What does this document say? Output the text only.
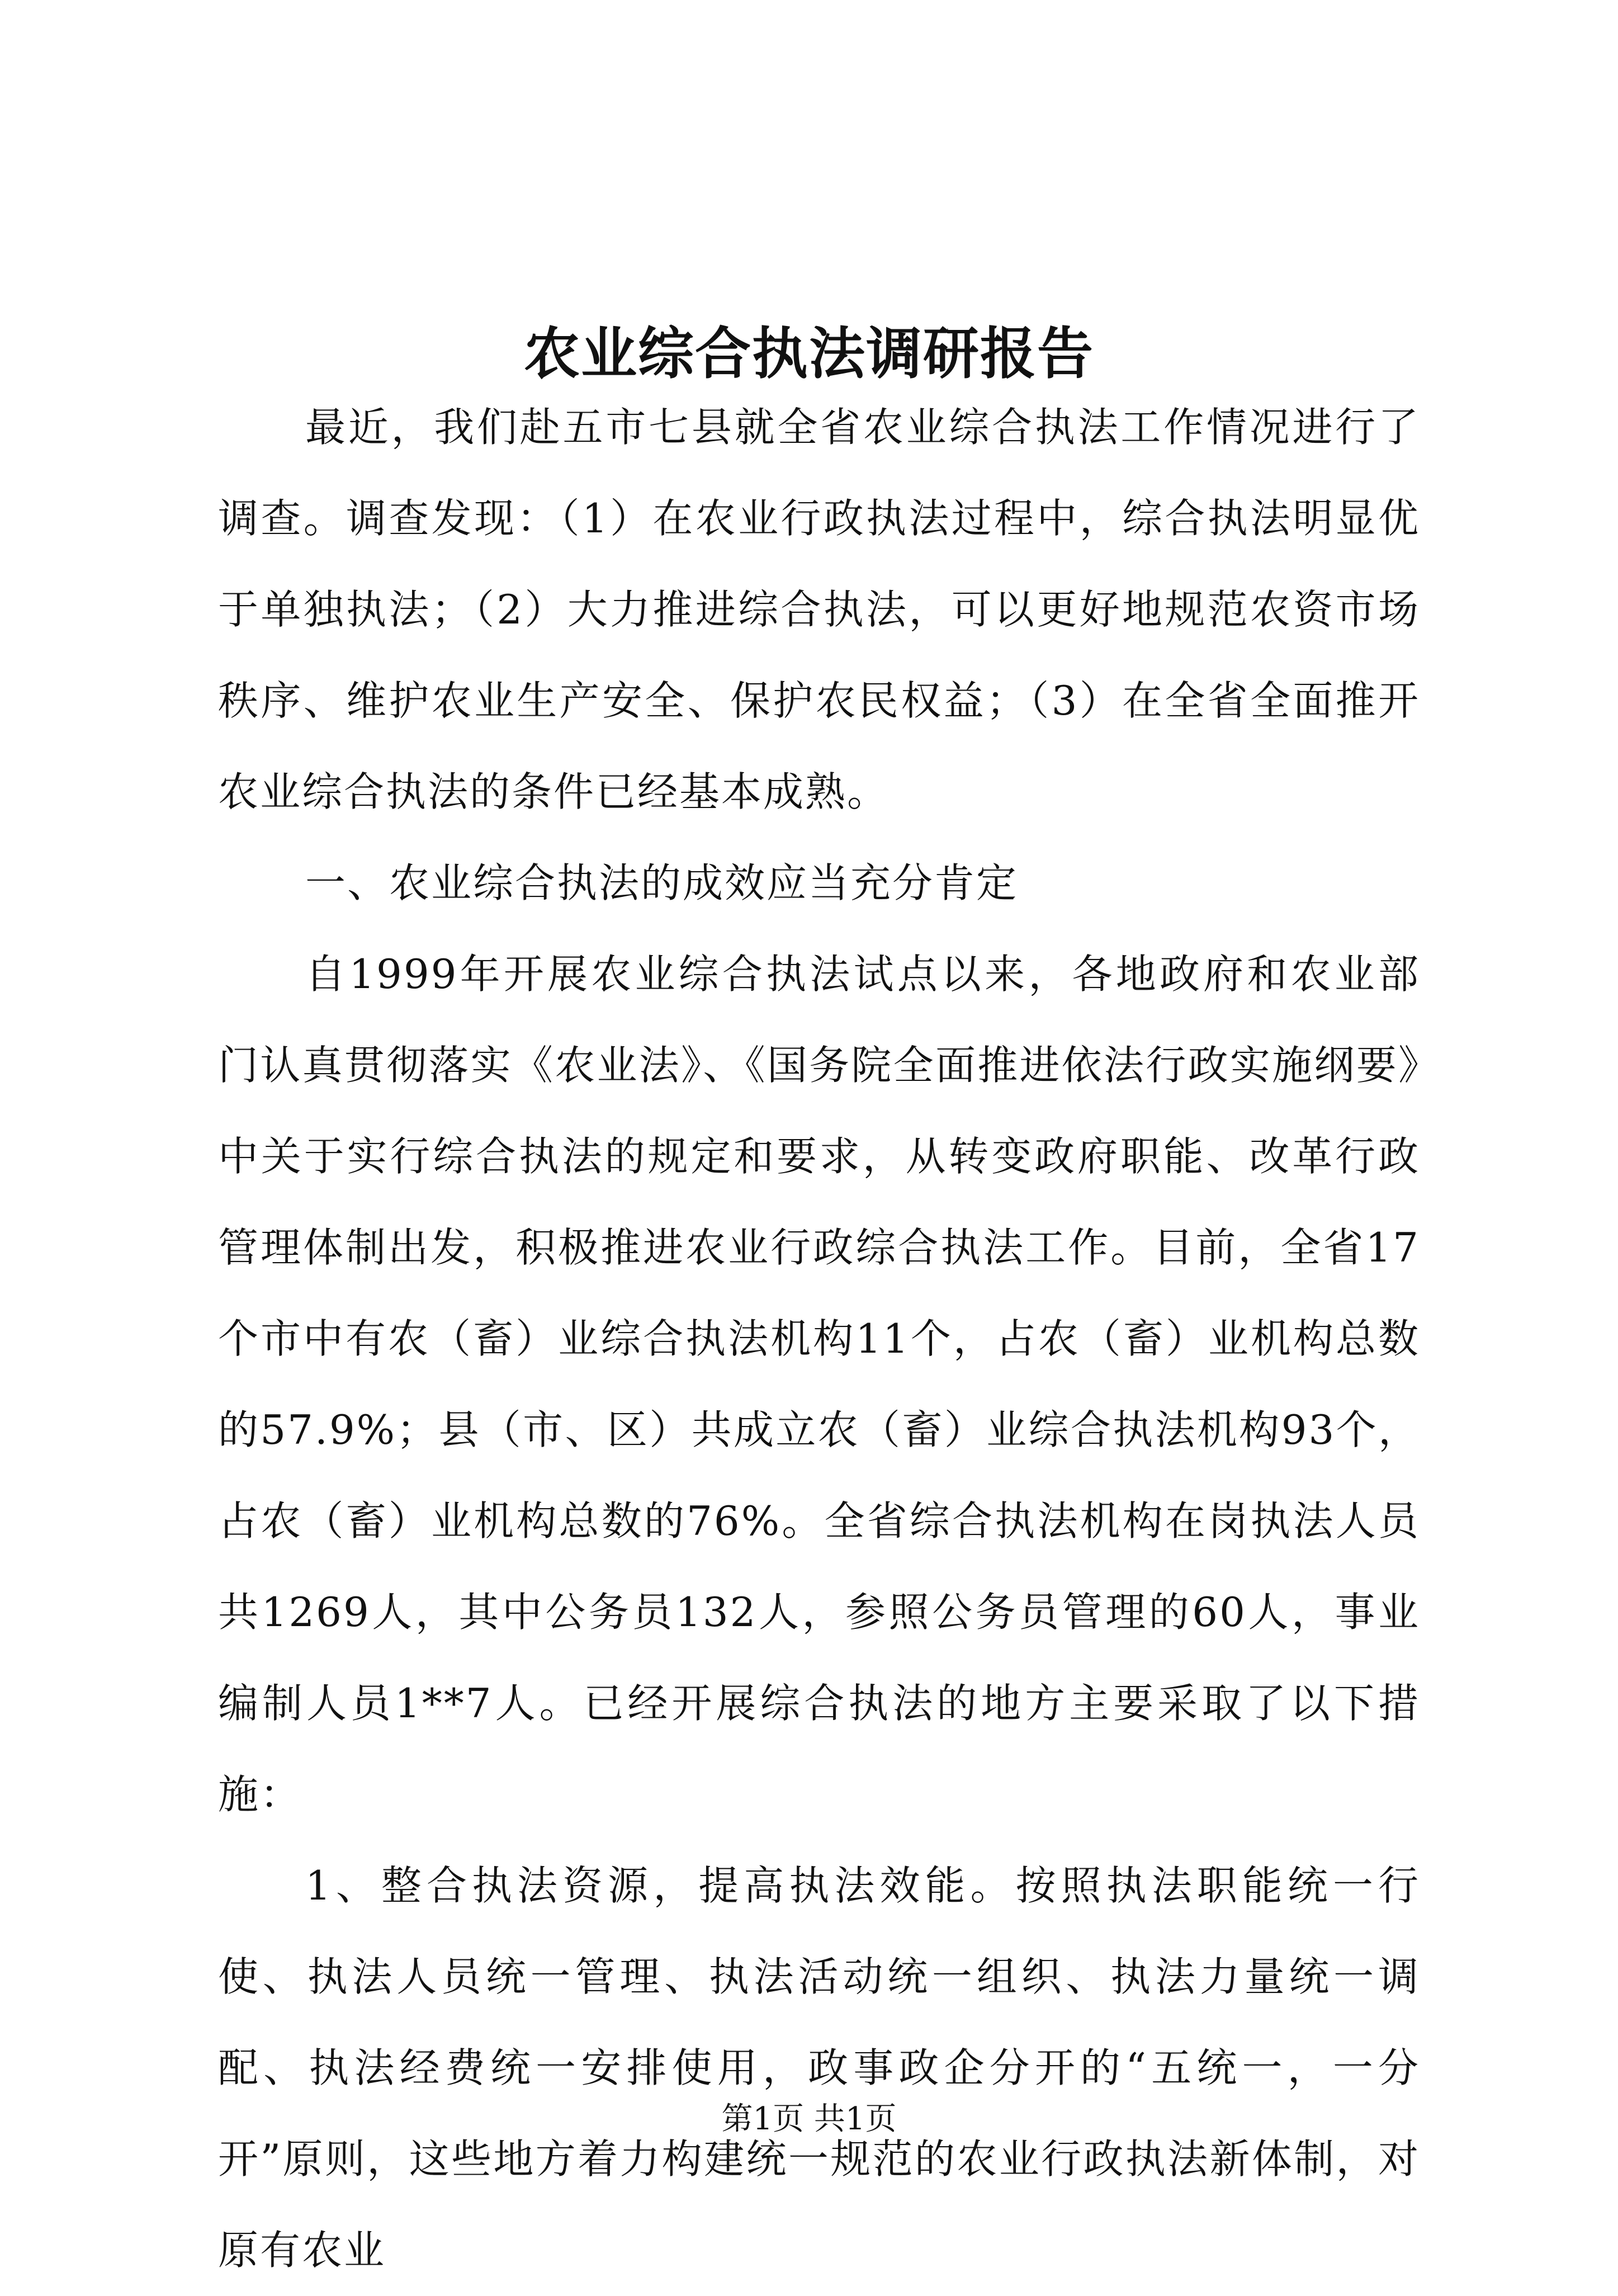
农业综合执法调研报告

最近，我们赴五市七县就全省农业综合执法工作情况进行了调查。调查发现：（1）在农业行政执法过程中，综合执法明显优于单独执法；（2）大力推进综合执法，可以更好地规范农资市场秩序、维护农业生产安全、保护农民权益；（3）在全省全面推开农业综合执法的条件已经基本成熟。

一、农业综合执法的成效应当充分肯定

自1999年开展农业综合执法试点以来，各地政府和农业部门认真贯彻落实《农业法》、《国务院全面推进依法行政实施纲要》中关于实行综合执法的规定和要求，从转变政府职能、改革行政管理体制出发，积极推进农业行政综合执法工作。目前，全省17个市中有农（畜）业综合执法机构11个，占农（畜）业机构总数的57.9%；县（市、区）共成立农（畜）业综合执法机构93个，占农（畜）业机构总数的76%。全省综合执法机构在岗执法人员共1269人，其中公务员132人，参照公务员管理的60人，事业编制人员1**7人。已经开展综合执法的地方主要采取了以下措施：

1、整合执法资源，提高执法效能。按照执法职能统一行使、执法人员统一管理、执法活动统一组织、执法力量统一调配、执法经费统一安排使用，政事政企分开的“五统一，一分开”原则，这些地方着力构建统一规范的农业行政执法新体制，对原有农业

第1页 共1页
